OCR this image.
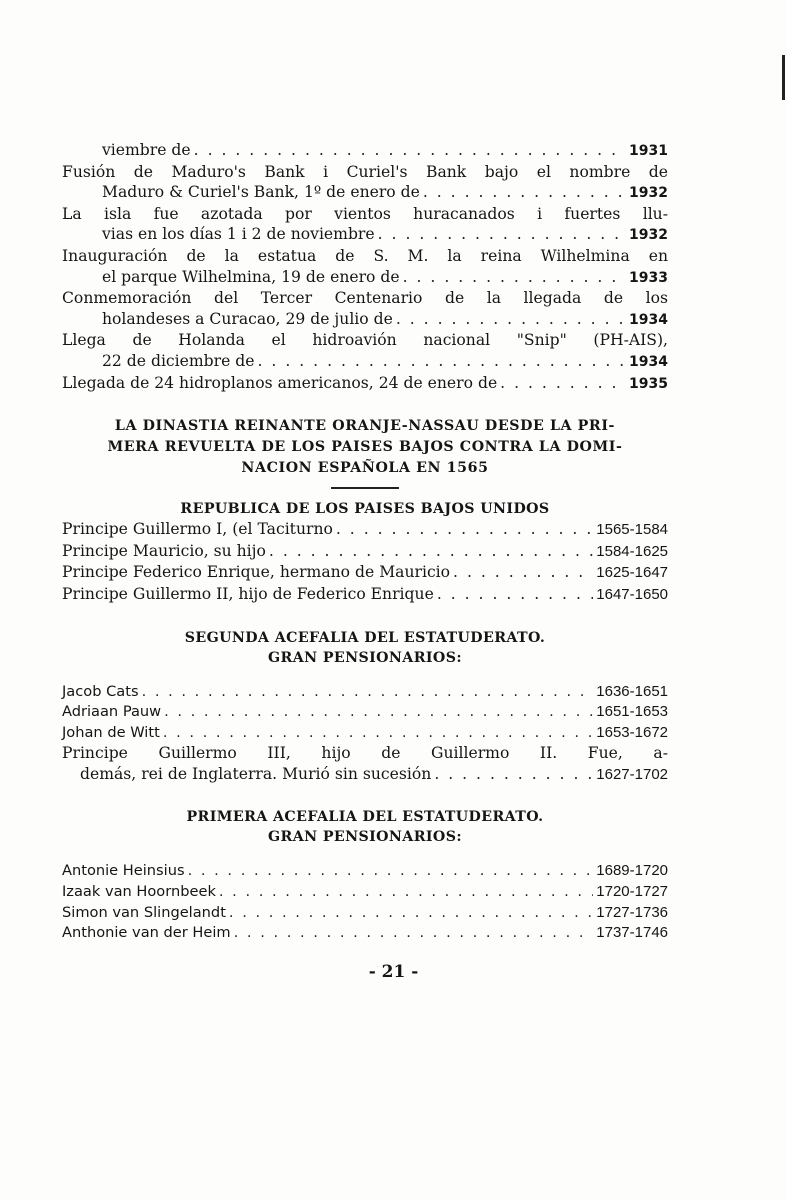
viembre de . . .	1931
Fusión de Maduro's Bank i Curiel's Bank bajo el nombre de
Maduro & Curiel's Bank, 1º de enero de . . .	1932
La isla fue azotada por vientos huracanados i fuertes llu-
vias en los días 1 i 2 de noviembre . . .	1932
Inauguración de la estatua de S. M. la reina Wilhelmina en
el parque Wilhelmina, 19 de enero de . . .	1933
Conmemoración del Tercer Centenario de la llegada de los
holandeses a Curacao, 29 de julio de . . .	1934
Llega de Holanda el hidroavión nacional "Snip" (PH-AIS),
22 de diciembre de . . .	1934
Llegada de 24 hidroplanos americanos, 24 de enero de . . .	1935
LA DINASTIA REINANTE ORANJE-NASSAU DESDE LA PRI-
MERA REVUELTA DE LOS PAISES BAJOS CONTRA LA DOMI-
NACION ESPAÑOLA EN 1565
REPUBLICA DE LOS PAISES BAJOS UNIDOS
Principe Guillermo I, (el Taciturno . . .	1565-1584
Principe Mauricio, su hijo . . .	1584-1625
Principe Federico Enrique, hermano de Mauricio . . .	1625-1647
Principe Guillermo II, hijo de Federico Enrique . . .	1647-1650
SEGUNDA ACEFALIA DEL ESTATUDERATO.
GRAN PENSIONARIOS:
Jacob Cats . . .	1636-1651
Adriaan Pauw . . .	1651-1653
Johan de Witt . . .	1653-1672
Principe Guillermo III, hijo de Guillermo II. Fue, a-
demás, rei de Inglaterra. Murió sin sucesión . . .	1627-1702
PRIMERA ACEFALIA DEL ESTATUDERATO.
GRAN PENSIONARIOS:
Antonie Heinsius . . .	1689-1720
Izaak van Hoornbeek . . .	1720-1727
Simon van Slingelandt . . .	1727-1736
Anthonie van der Heim . . .	1737-1746
- 21 -
